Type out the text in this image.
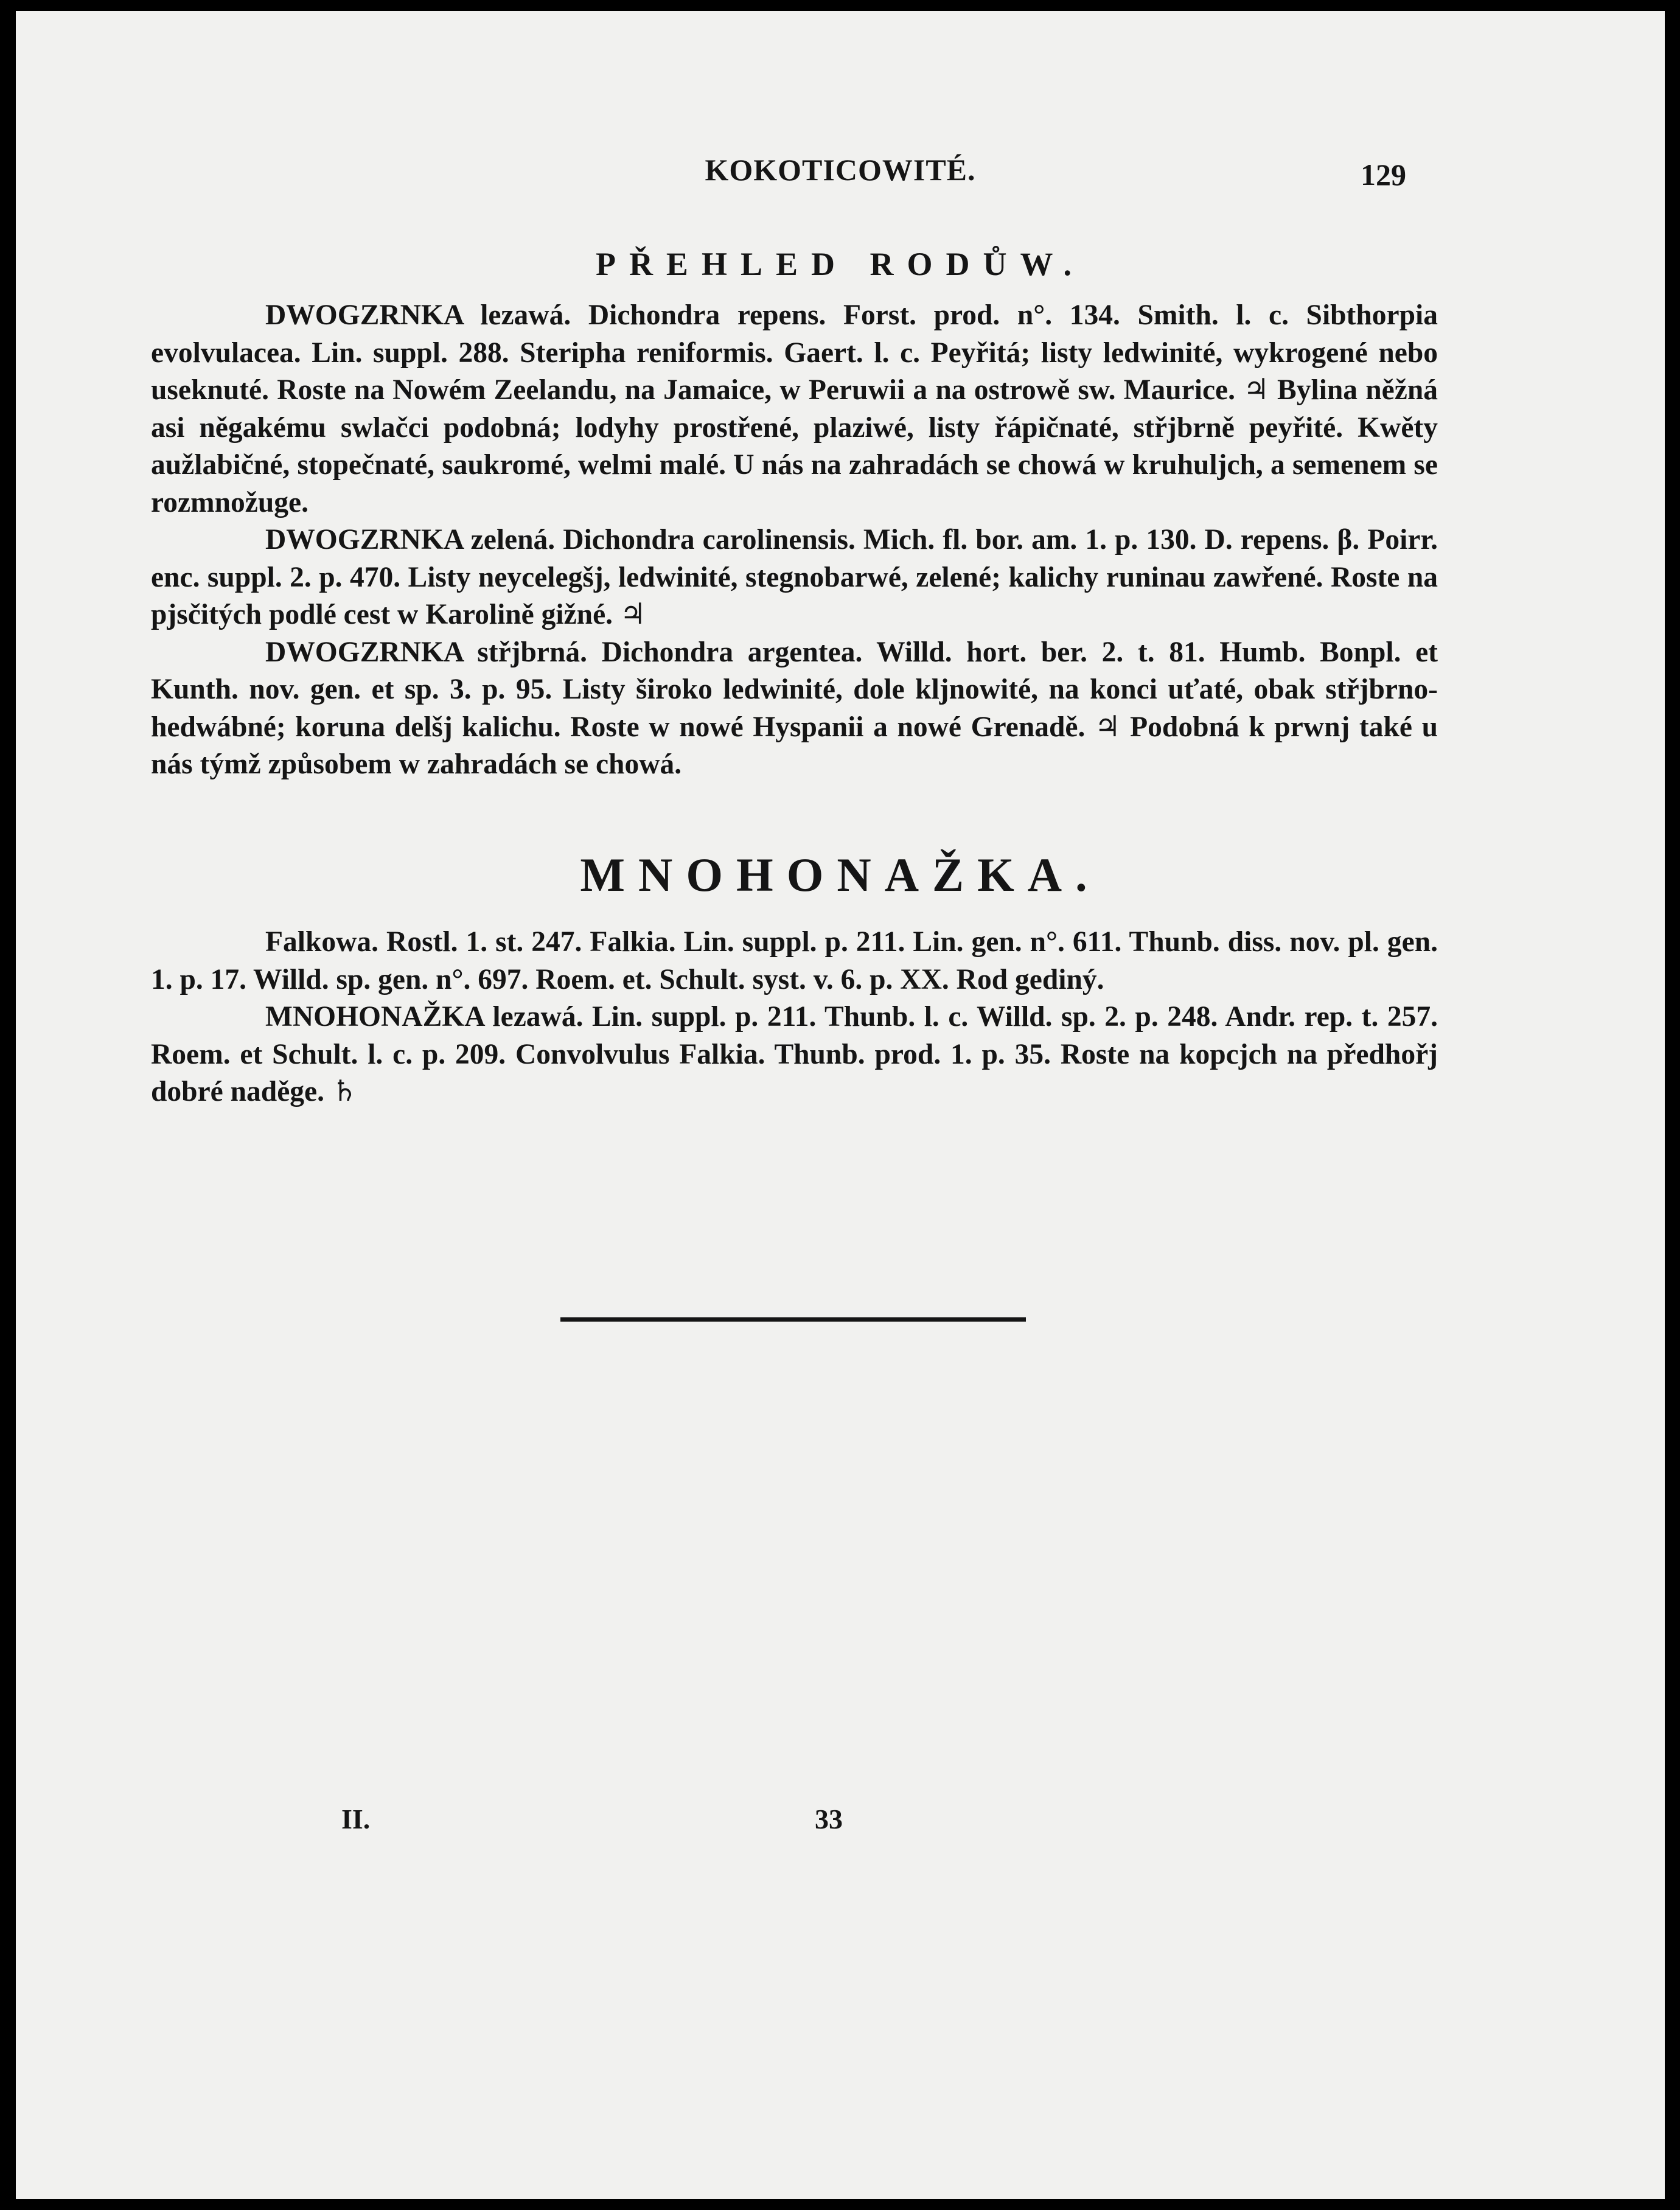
KOKOTICOWITÉ.	129
PŘEHLED RODŮW.

DWOGZRNKA lezawá. Dichondra repens. Forst. prod. n°. 134. Smith. l. c. Sibthorpia evolvulacea. Lin. suppl. 288. Steripha reniformis. Gaert. l. c. Peyřitá; listy ledwinité, wykrogené nebo useknuté. Roste na Nowém Zeelandu, na Jamaice, w Peruwii a na ostrowě sw. Maurice. ♃ Bylina něžná asi něgakému swlačci podobná; lodyhy prostřené, plaziwé, listy řápičnaté, střjbrně peyřité. Kwěty aužlabičné, stopečnaté, saukromé, welmi malé. U nás na zahradách se chowá w kruhuljch, a semenem se rozmnožuge.

DWOGZRNKA zelená. Dichondra carolinensis. Mich. fl. bor. am. 1. p. 130. D. repens. β. Poirr. enc. suppl. 2. p. 470. Listy neycelegšj, ledwinité, stegnobarwé, zelené; kalichy runinau zawřené. Roste na pjsčitých podlé cest w Karolině gižné. ♃

DWOGZRNKA střjbrná. Dichondra argentea. Willd. hort. ber. 2. t. 81. Humb. Bonpl. et Kunth. nov. gen. et sp. 3. p. 95. Listy široko ledwinité, dole kljnowité, na konci uťaté, obak střjbrno-hedwábné; koruna delšj kalichu. Roste w nowé Hyspanii a nowé Grenadě. ♃ Podobná k prwnj také u nás týmž způsobem w zahradách se chowá.

MNOHONAŽKA.

Falkowa. Rostl. 1. st. 247. Falkia. Lin. suppl. p. 211. Lin. gen. n°. 611. Thunb. diss. nov. pl. gen. 1. p. 17. Willd. sp. gen. n°. 697. Roem. et. Schult. syst. v. 6. p. XX. Rod gediný.

MNOHONAŽKA lezawá. Lin. suppl. p. 211. Thunb. l. c. Willd. sp. 2. p. 248. Andr. rep. t. 257. Roem. et Schult. l. c. p. 209. Convolvulus Falkia. Thunb. prod. 1. p. 35. Roste na kopcjch na předhořj dobré naděge. ♄

II.	33
